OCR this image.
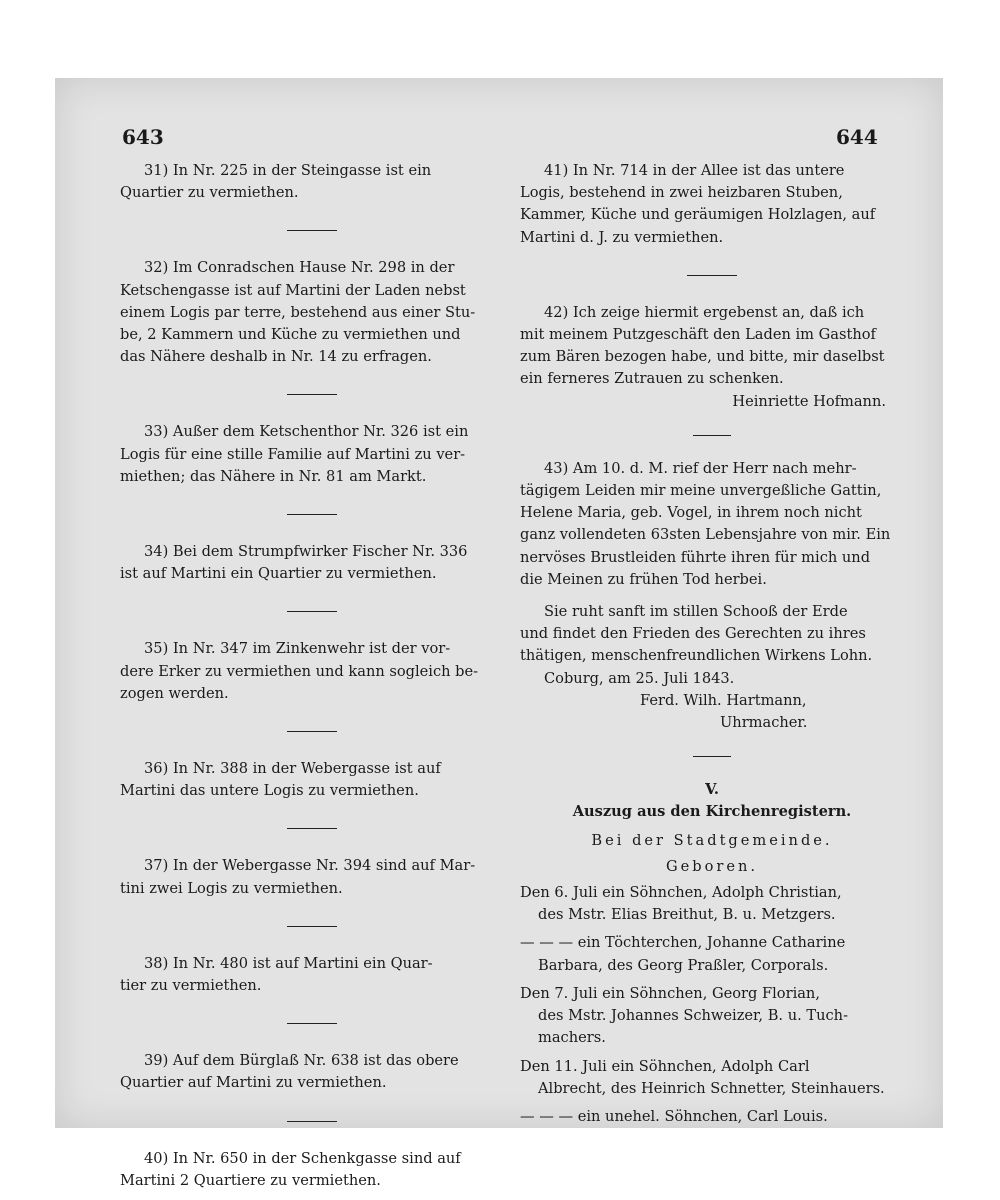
643	644
31) In Nr. 225 in der Steingasse ist ein
Quartier zu vermiethen.
32) Im Conradschen Hause Nr. 298 in der
Ketschengasse ist auf Martini der Laden nebst
einem Logis par terre, bestehend aus einer Stu-
be, 2 Kammern und Küche zu vermiethen und
das Nähere deshalb in Nr. 14 zu erfragen.
33) Außer dem Ketschenthor Nr. 326 ist ein
Logis für eine stille Familie auf Martini zu ver-
miethen; das Nähere in Nr. 81 am Markt.
34) Bei dem Strumpfwirker Fischer Nr. 336
ist auf Martini ein Quartier zu vermiethen.
35) In Nr. 347 im Zinkenwehr ist der vor-
dere Erker zu vermiethen und kann sogleich be-
zogen werden.
36) In Nr. 388 in der Webergasse ist auf
Martini das untere Logis zu vermiethen.
37) In der Webergasse Nr. 394 sind auf Mar-
tini zwei Logis zu vermiethen.
38) In Nr. 480 ist auf Martini ein Quar-
tier zu vermiethen.
39) Auf dem Bürglaß Nr. 638 ist das obere
Quartier auf Martini zu vermiethen.
40) In Nr. 650 in der Schenkgasse sind auf
Martini 2 Quartiere zu vermiethen.
41) In Nr. 714 in der Allee ist das untere
Logis, bestehend in zwei heizbaren Stuben,
Kammer, Küche und geräumigen Holzlagen, auf
Martini d. J. zu vermiethen.
42) Ich zeige hiermit ergebenst an, daß ich
mit meinem Putzgeschäft den Laden im Gasthof
zum Bären bezogen habe, und bitte, mir daselbst
ein ferneres Zutrauen zu schenken.
Heinriette Hofmann.
43) Am 10. d. M. rief der Herr nach mehr-
tägigem Leiden mir meine unvergeßliche Gattin,
Helene Maria, geb. Vogel, in ihrem noch nicht
ganz vollendeten 63sten Lebensjahre von mir. Ein
nervöses Brustleiden führte ihren für mich und
die Meinen zu frühen Tod herbei.
Sie ruht sanft im stillen Schooß der Erde
und findet den Frieden des Gerechten zu ihres
thätigen, menschenfreundlichen Wirkens Lohn.
Coburg, am 25. Juli 1843.
Ferd. Wilh. Hartmann,
Uhrmacher.
V.
Auszug aus den Kirchenregistern.
Bei der Stadtgemeinde.
Geboren.
Den 6. Juli ein Söhnchen, Adolph Christian,
des Mstr. Elias Breithut, B. u. Metzgers.
— — — ein Töchterchen, Johanne Catharine
Barbara, des Georg Praßler, Corporals.
Den 7. Juli ein Söhnchen, Georg Florian,
des Mstr. Johannes Schweizer, B. u. Tuch-
machers.
Den 11. Juli ein Söhnchen, Adolph Carl
Albrecht, des Heinrich Schnetter, Steinhauers.
— — — ein unehel. Söhnchen, Carl Louis.
